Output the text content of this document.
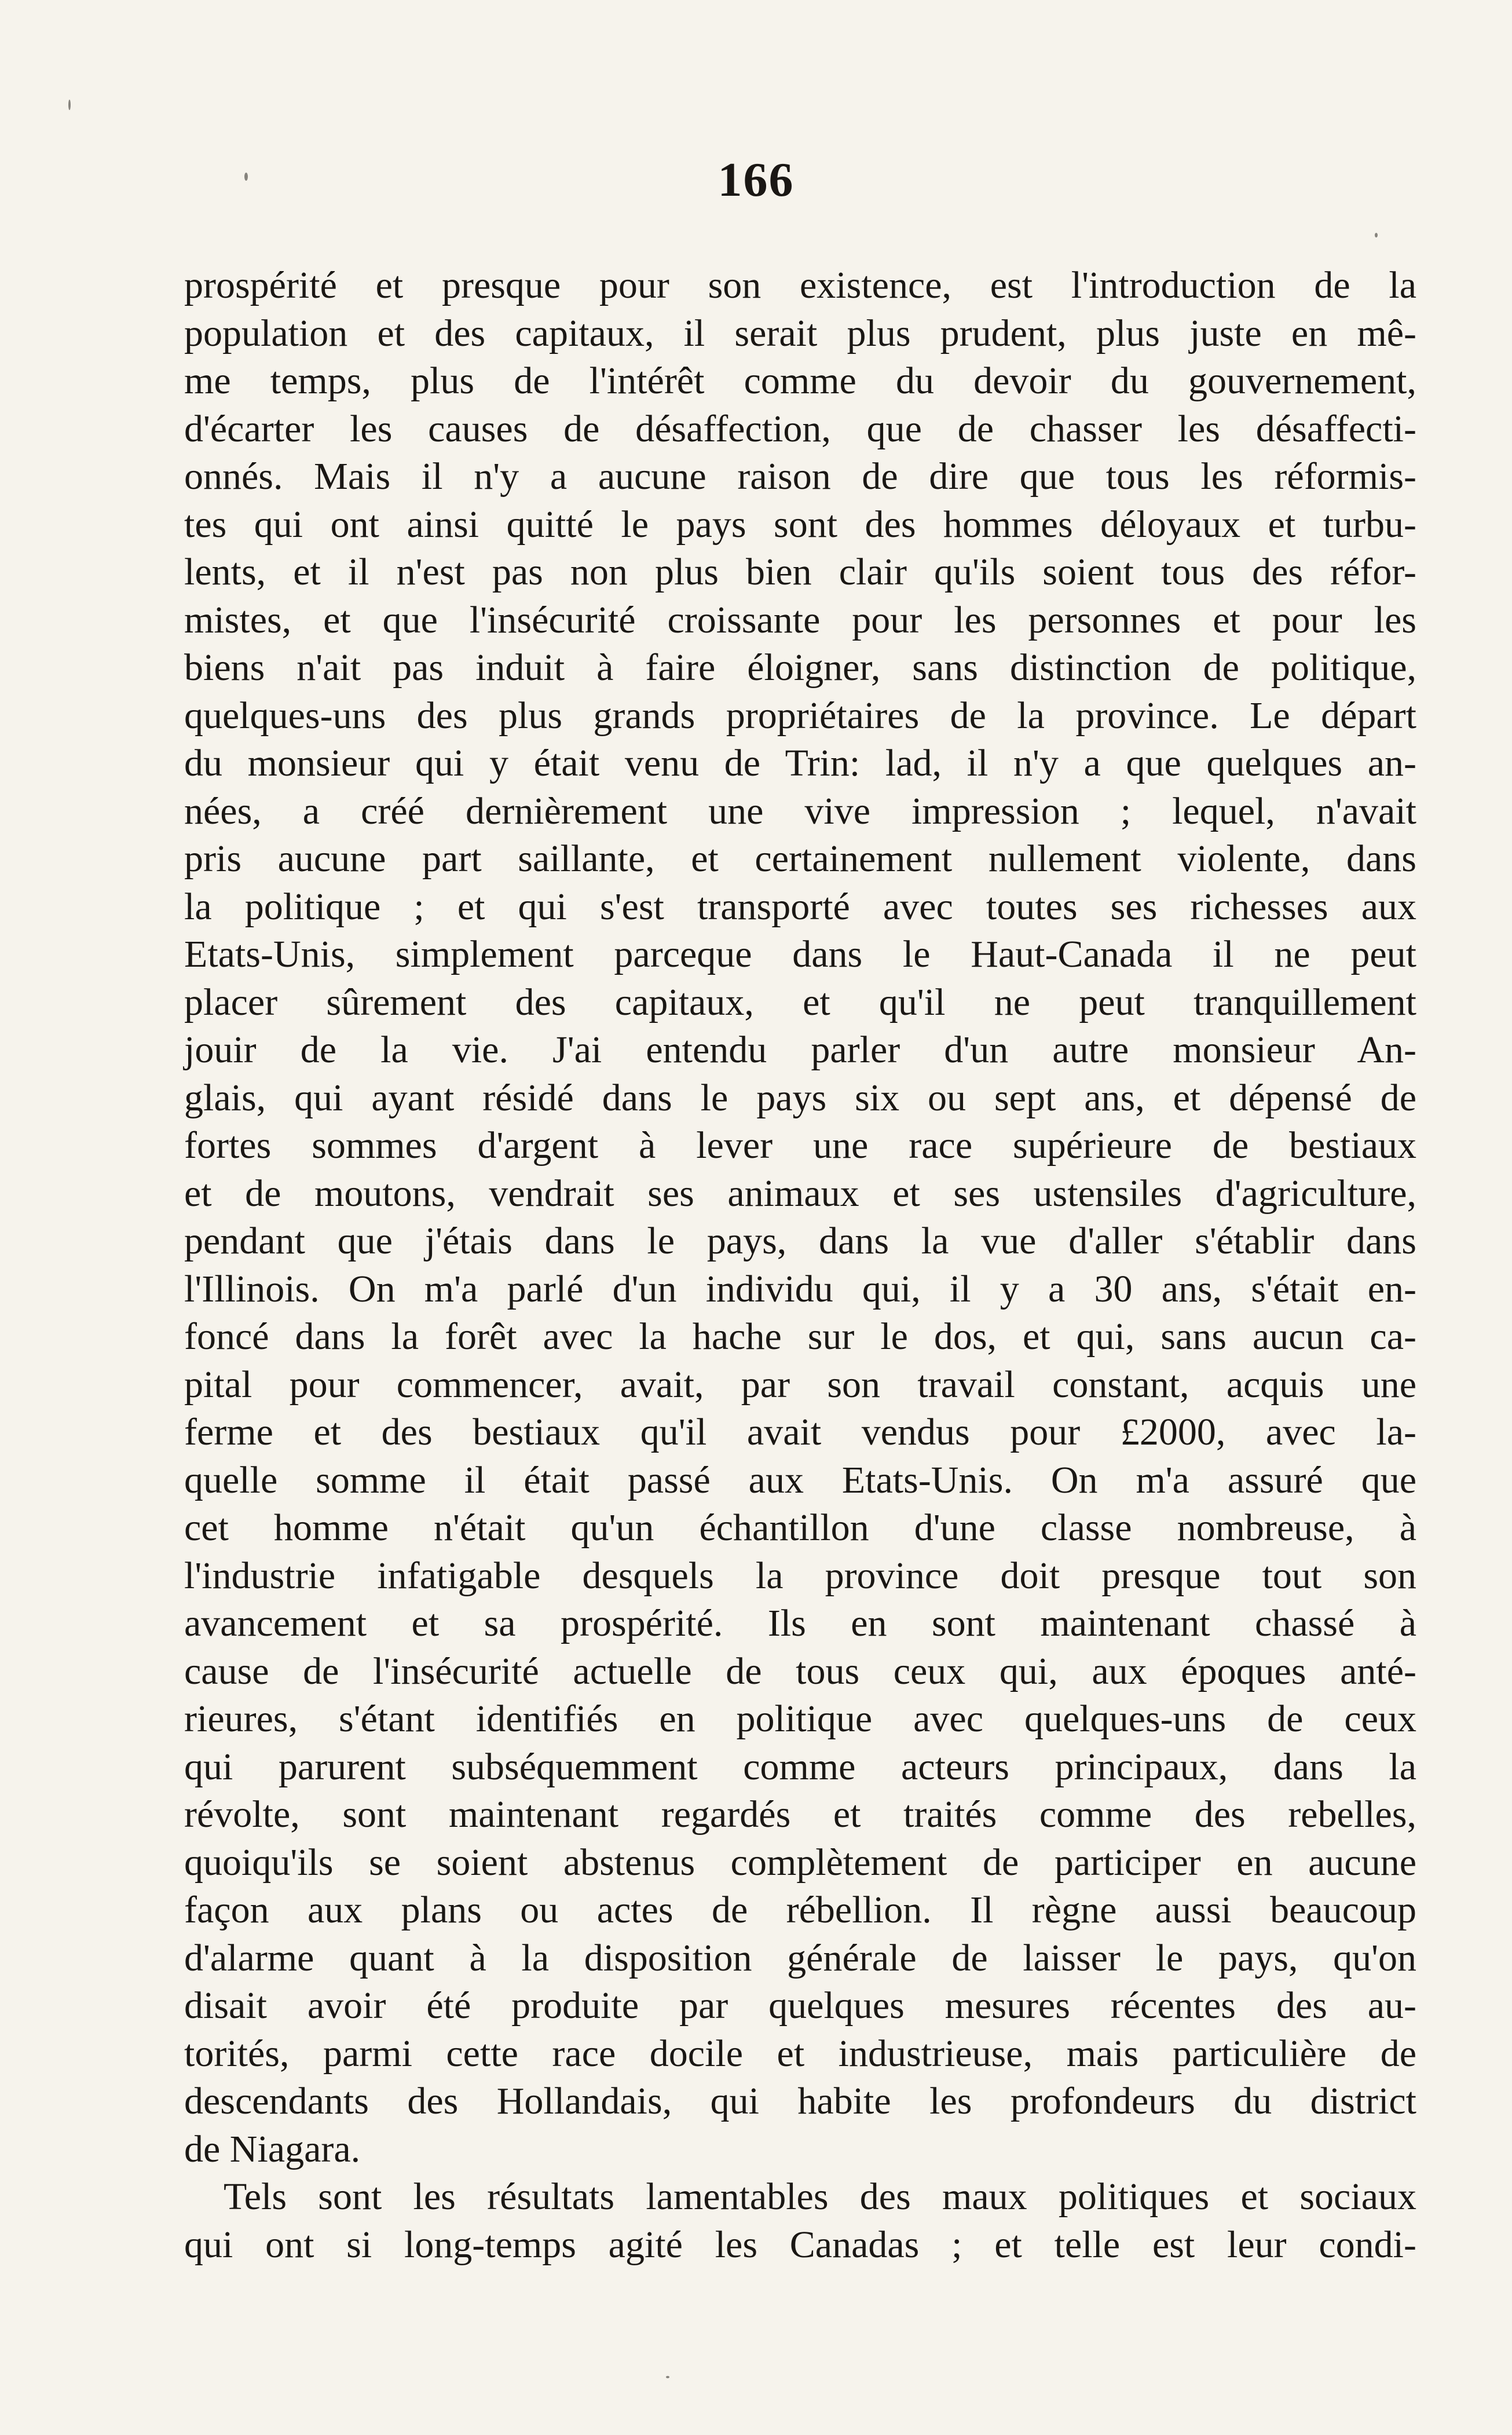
166
prospérité et presque pour son existence, est l'introduction de la
population et des capitaux, il serait plus prudent, plus juste en mê-
me temps, plus de l'intérêt comme du devoir du gouvernement,
d'écarter les causes de désaffection, que de chasser les désaffecti-
onnés. Mais il n'y a aucune raison de dire que tous les réformis-
tes qui ont ainsi quitté le pays sont des hommes déloyaux et turbu-
lents, et il n'est pas non plus bien clair qu'ils soient tous des réfor-
mistes, et que l'insécurité croissante pour les personnes et pour les
biens n'ait pas induit à faire éloigner, sans distinction de politique,
quelques-uns des plus grands propriétaires de la province. Le départ
du monsieur qui y était venu de Trin: lad, il n'y a que quelques an-
nées, a créé dernièrement une vive impression ; lequel, n'avait
pris aucune part saillante, et certainement nullement violente, dans
la politique ; et qui s'est transporté avec toutes ses richesses aux
Etats-Unis, simplement parceque dans le Haut-Canada il ne peut
placer sûrement des capitaux, et qu'il ne peut tranquillement
jouir de la vie. J'ai entendu parler d'un autre monsieur An-
glais, qui ayant résidé dans le pays six ou sept ans, et dépensé de
fortes sommes d'argent à lever une race supérieure de bestiaux
et de moutons, vendrait ses animaux et ses ustensiles d'agriculture,
pendant que j'étais dans le pays, dans la vue d'aller s'établir dans
l'Illinois. On m'a parlé d'un individu qui, il y a 30 ans, s'était en-
foncé dans la forêt avec la hache sur le dos, et qui, sans aucun ca-
pital pour commencer, avait, par son travail constant, acquis une
ferme et des bestiaux qu'il avait vendus pour £2000, avec la-
quelle somme il était passé aux Etats-Unis. On m'a assuré que
cet homme n'était qu'un échantillon d'une classe nombreuse, à
l'industrie infatigable desquels la province doit presque tout son
avancement et sa prospérité. Ils en sont maintenant chassé à
cause de l'insécurité actuelle de tous ceux qui, aux époques anté-
rieures, s'étant identifiés en politique avec quelques-uns de ceux
qui parurent subséquemment comme acteurs principaux, dans la
révolte, sont maintenant regardés et traités comme des rebelles,
quoiqu'ils se soient abstenus complètement de participer en aucune
façon aux plans ou actes de rébellion. Il règne aussi beaucoup
d'alarme quant à la disposition générale de laisser le pays, qu'on
disait avoir été produite par quelques mesures récentes des au-
torités, parmi cette race docile et industrieuse, mais particulière de
descendants des Hollandais, qui habite les profondeurs du district
de Niagara.
Tels sont les résultats lamentables des maux politiques et sociaux
qui ont si long-temps agité les Canadas ; et telle est leur condi-
